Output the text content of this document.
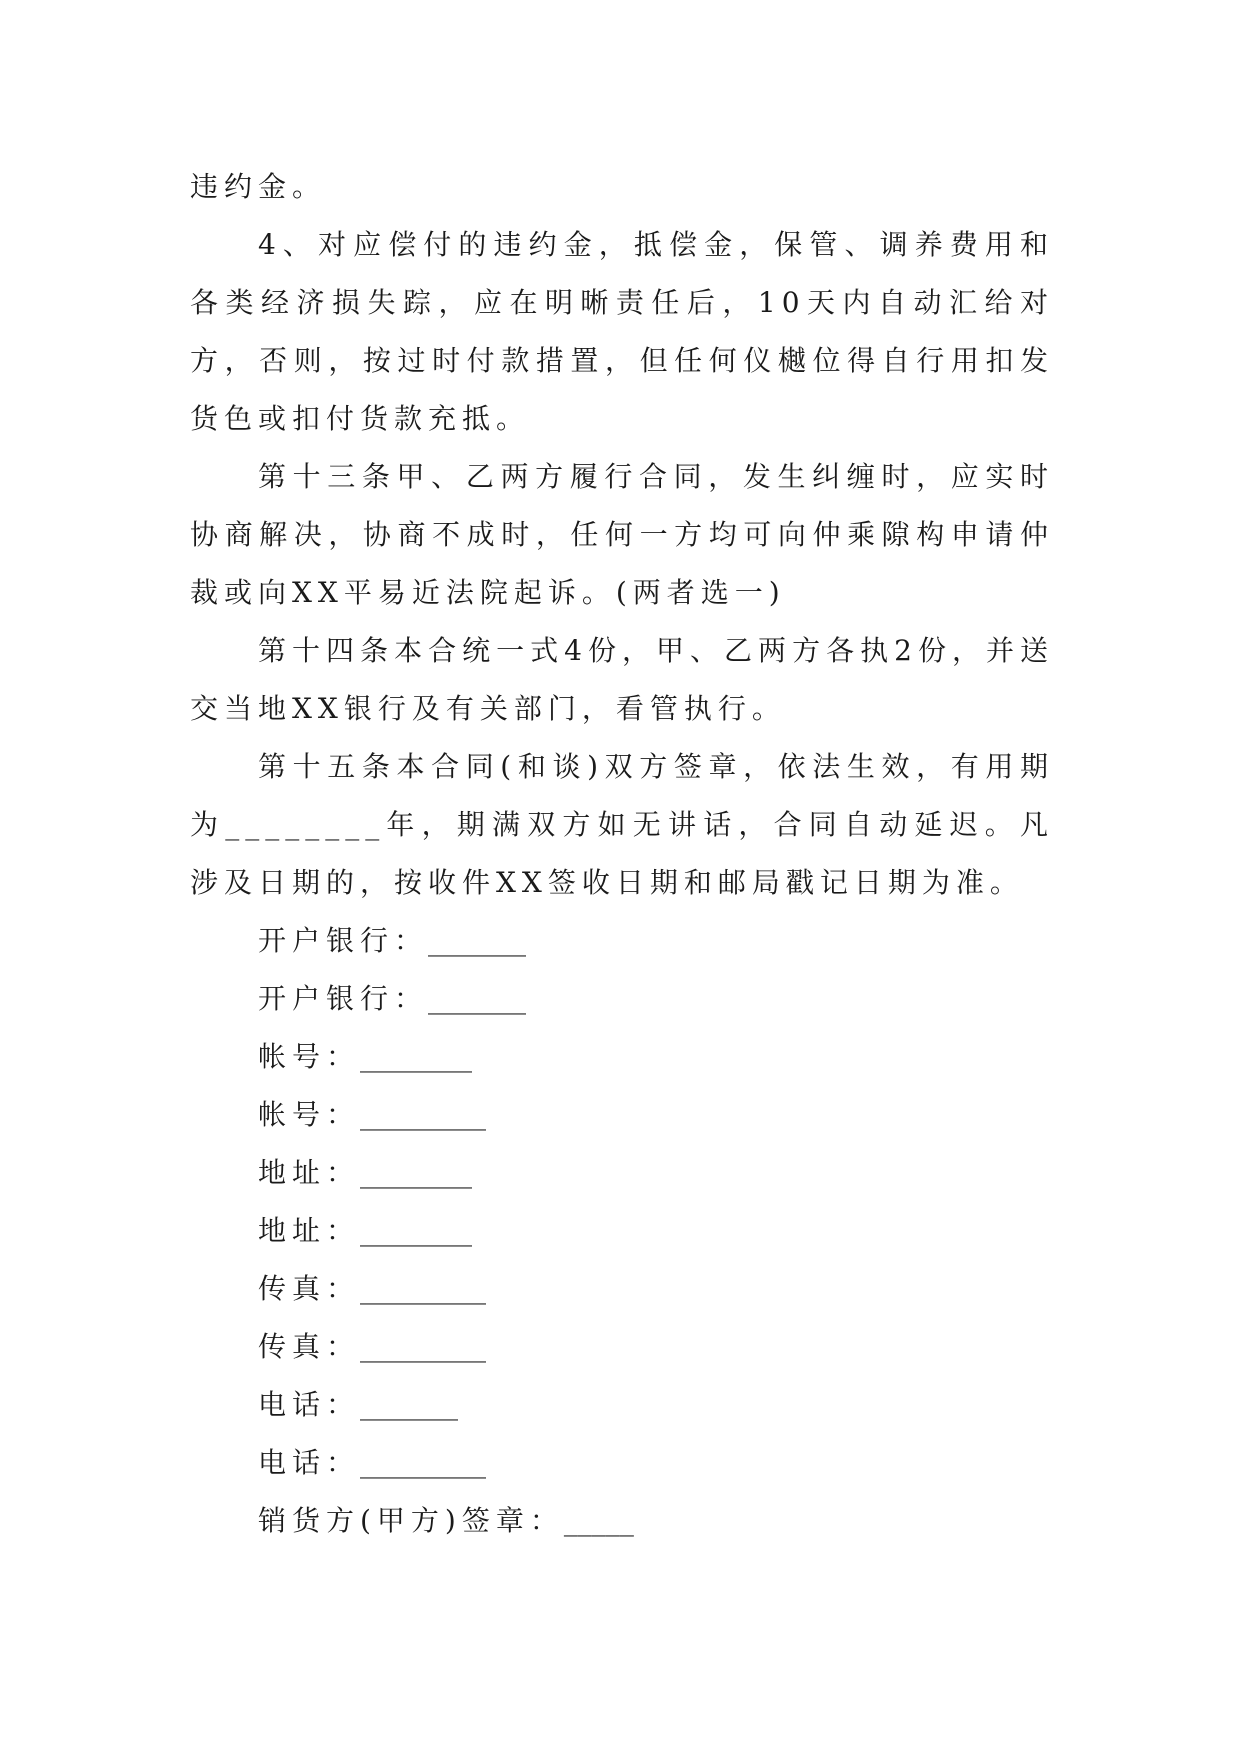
违约金。

4、对应偿付的违约金，抵偿金，保管、调养费用和各类经济损失踪，应在明晰责任后，10天内自动汇给对方，否则，按过时付款措置，但任何仪樾位得自行用扣发货色或扣付货款充抵。

第十三条甲、乙两方履行合同，发生纠缠时，应实时协商解决，协商不成时，任何一方均可向仲乘隙构申请仲裁或向XX平易近法院起诉。(两者选一)

第十四条本合统一式4份，甲、乙两方各执2份，并送交当地XX银行及有关部门，看管执行。

第十五条本合同(和谈)双方签章，依法生效，有用期为________年，期满双方如无讲话，合同自动延迟。凡涉及日期的，按收件XX签收日期和邮局戳记日期为准。

开户银行：_______
开户银行：_______
帐号：________
帐号：_________
地址：________
地址：________
传真：_________
传真：_________
电话：_______
电话：_________
销货方(甲方)签章：_____
